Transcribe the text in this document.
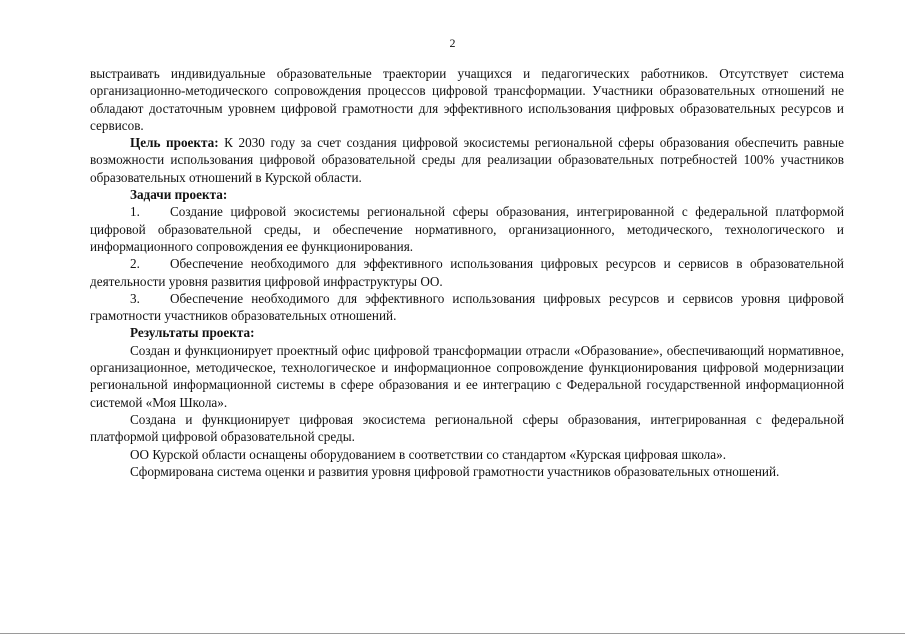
2

выстраивать индивидуальные образовательные траектории учащихся и педагогических работников. Отсутствует система организационно-методического сопровождения процессов цифровой трансформации. Участники образовательных отношений не обладают достаточным уровнем цифровой грамотности для эффективного использования цифровых образовательных ресурсов и сервисов.

Цель проекта: К 2030 году за счет создания цифровой экосистемы региональной сферы образования обеспечить равные возможности использования цифровой образовательной среды для реализации образовательных потребностей 100% участников образовательных отношений в Курской области.

Задачи проекта:

1. Создание цифровой экосистемы региональной сферы образования, интегрированной с федеральной платформой цифровой образовательной среды, и обеспечение нормативного, организационного, методического, технологического и информационного сопровождения ее функционирования.

2. Обеспечение необходимого для эффективного использования цифровых ресурсов и сервисов в образовательной деятельности уровня развития цифровой инфраструктуры ОО.

3. Обеспечение необходимого для эффективного использования цифровых ресурсов и сервисов уровня цифровой грамотности участников образовательных отношений.

Результаты проекта:

Создан и функционирует проектный офис цифровой трансформации отрасли «Образование», обеспечивающий нормативное, организационное, методическое, технологическое и информационное сопровождение функционирования цифровой модернизации региональной информационной системы в сфере образования и ее интеграцию с Федеральной государственной информационной системой «Моя Школа».

Создана и функционирует цифровая экосистема региональной сферы образования, интегрированная с федеральной платформой цифровой образовательной среды.

ОО Курской области оснащены оборудованием в соответствии со стандартом «Курская цифровая школа».

Сформирована система оценки и развития уровня цифровой грамотности участников образовательных отношений.
